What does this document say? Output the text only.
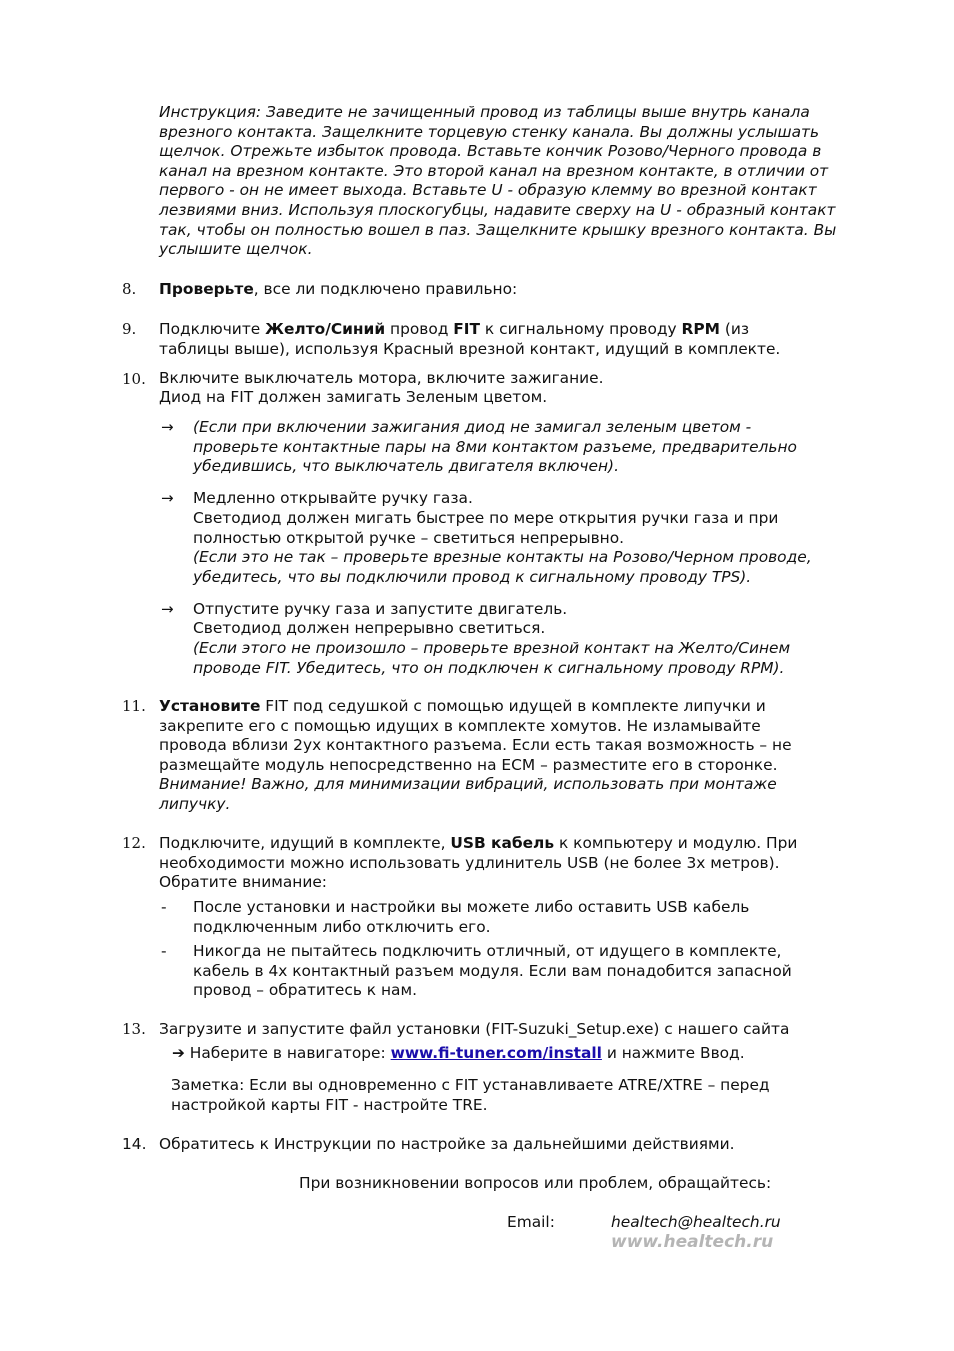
Инструкция: Заведите не зачищенный провод из таблицы выше внутрь канала врезного контакта. Защелкните торцевую стенку канала. Вы должны услышать щелчок. Отрежьте избыток провода. Вставьте кончик Розово/Черного провода в канал на врезном контакте. Это второй канал на врезном контакте, в отличии от первого - он не имеет выхода. Вставьте U - образую клемму во врезной контакт лезвиями вниз. Используя плоскогубцы, надавите сверху на U - образный контакт так, чтобы он полностью вошел в паз. Защелкните крышку врезного контакта. Вы услышите щелчок.
8. Проверьте, все ли подключено правильно:
9. Подключите Желто/Синий провод FIT к сигнальному проводу RPM (из таблицы выше), используя Красный врезной контакт, идущий в комплекте.
10. Включите выключатель мотора, включите зажигание.
Диод на FIT должен замигать Зеленым цветом.
→ (Если при включении зажигания диод не замигал зеленым цветом - проверьте контактные пары на 8ми контактом разъеме, предварительно убедившись, что выключатель двигателя включен).
→ Медленно открывайте ручку газа.
Светодиод должен мигать быстрее по мере открытия ручки газа и при полностью открытой ручке – светиться непрерывно.
(Если это не так – проверьте врезные контакты на Розово/Черном проводе, убедитесь, что вы подключили провод к сигнальному проводу TPS).
→ Отпустите ручку газа и запустите двигатель.
Светодиод должен непрерывно светиться.
(Если этого не произошло – проверьте врезной контакт на Желто/Синем проводе FIT. Убедитесь, что он подключен к сигнальному проводу RPM).
11. Установите FIT под седушкой с помощью идущей в комплекте липучки и закрепите его с помощью идущих в комплекте хомутов. Не изламывайте провода вблизи 2ух контактного разъема. Если есть такая возможность – не размещайте модуль непосредственно на ECM – разместите его в сторонке.
Внимание! Важно, для минимизации вибраций, использовать при монтаже липучку.
12. Подключите, идущий в комплекте, USB кабель к компьютеру и модулю. При необходимости можно использовать удлинитель USB (не более 3х метров). Обратите внимание:
- После установки и настройки вы можете либо оставить USB кабель подключенным либо отключить его.
- Никогда не пытайтесь подключить отличный, от идущего в комплекте, кабель в 4х контактный разъем модуля. Если вам понадобится запасной провод – обратитесь к нам.
13. Загрузите и запустите файл установки (FIT-Suzuki_Setup.exe) с нашего сайта
➔ Наберите в навигаторе: www.fi-tuner.com/install и нажмите Ввод.
Заметка: Если вы одновременно с FIT устанавливаете ATRE/XTRE – перед настройкой карты FIT - настройте TRE.
14. Обратитесь к Инструкции по настройке за дальнейшими действиями.
При возникновении вопросов или проблем, обращайтесь:
Email:	healtech@healtech.ru
www.healtech.ru
